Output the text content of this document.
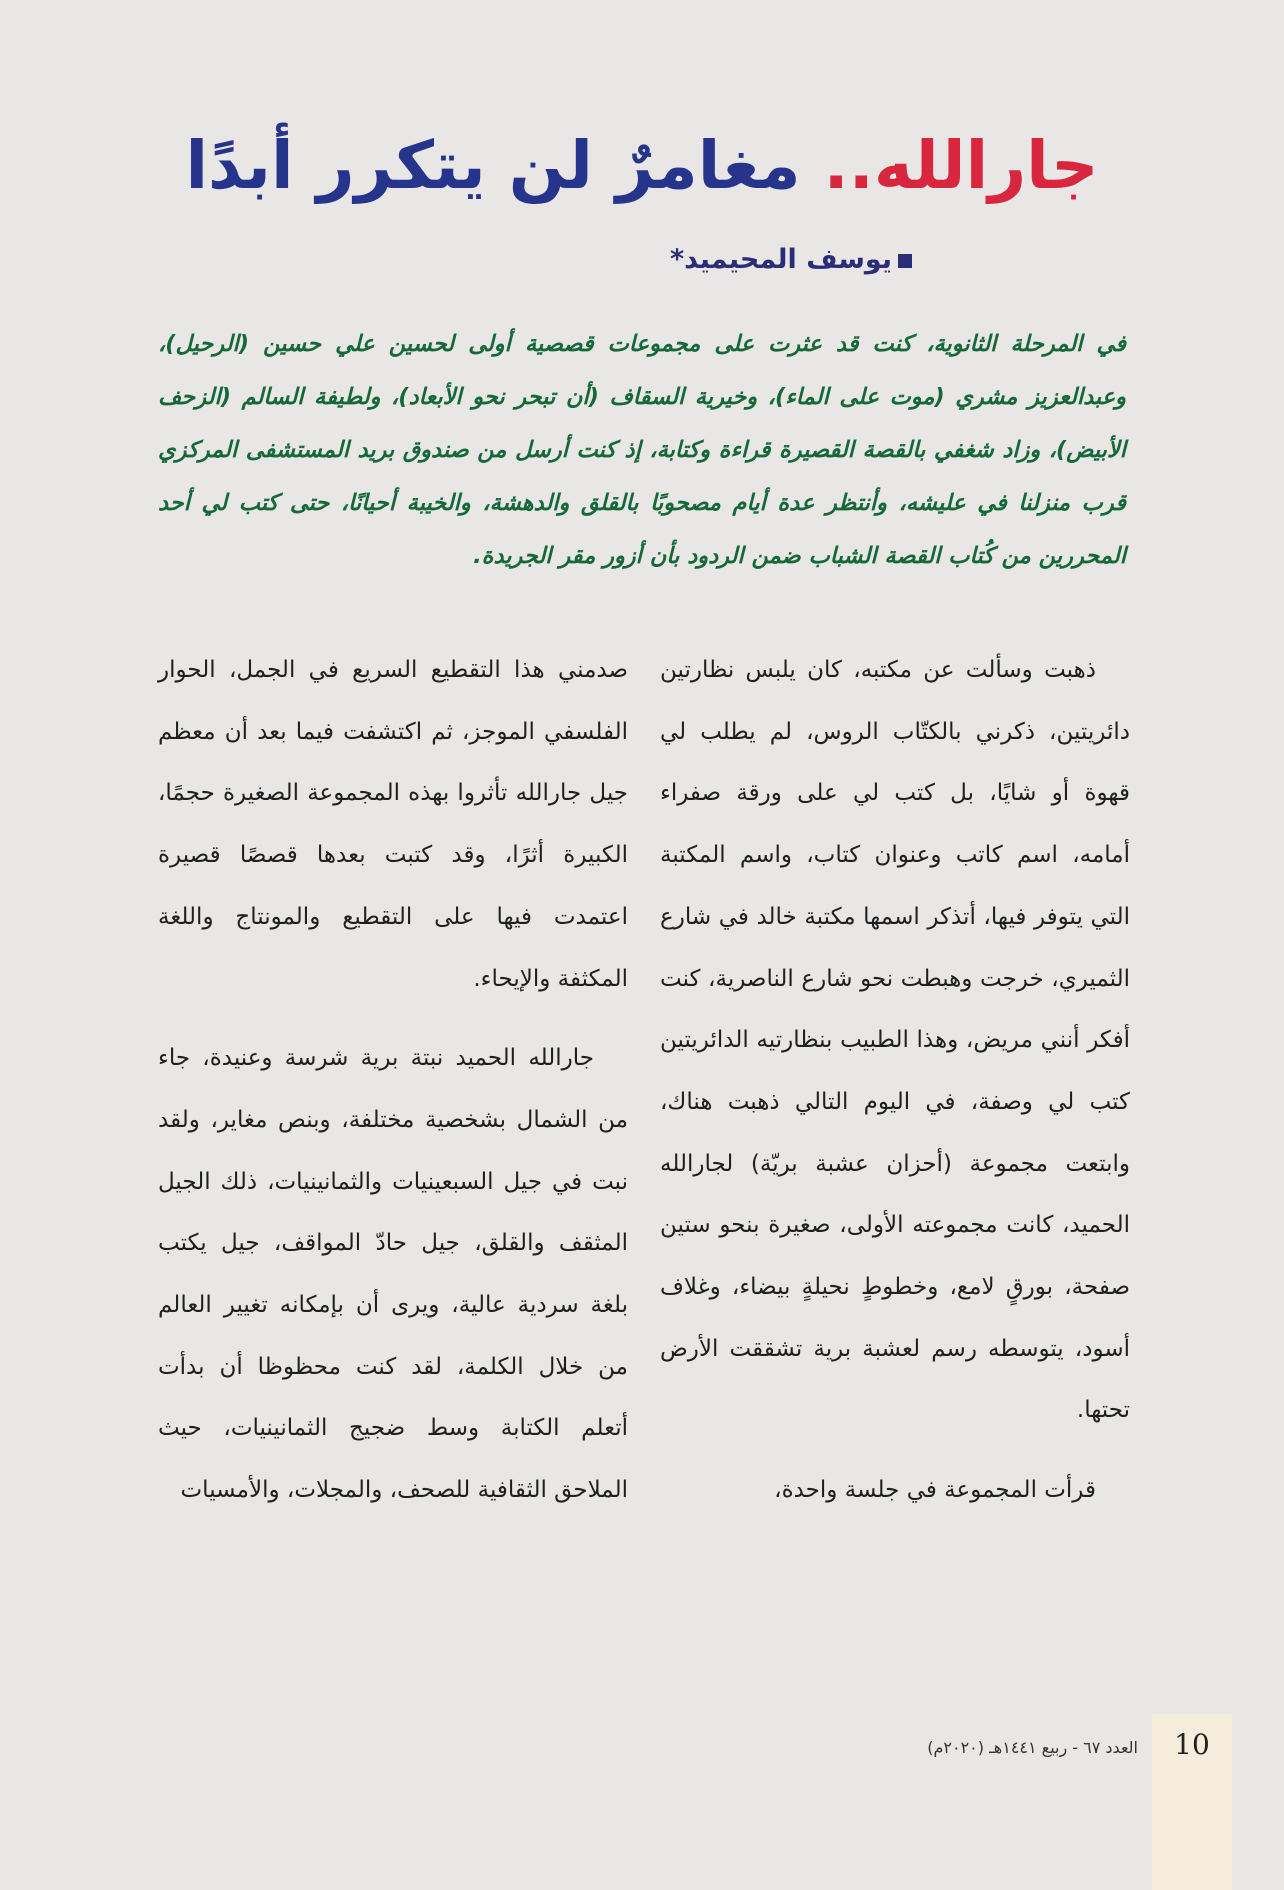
جارالله.. مغامرٌ لن يتكرر أبدًا
يوسف المحيميد*
في المرحلة الثانوية، كنت قد عثرت على مجموعات قصصية أولى لحسين علي حسين (الرحيل)، وعبدالعزيز مشري (موت على الماء)، وخيرية السقاف (أن تبحر نحو الأبعاد)، ولطيفة السالم (الزحف الأبيض)، وزاد شغفي بالقصة القصيرة قراءة وكتابة، إذ كنت أرسل من صندوق بريد المستشفى المركزي قرب منزلنا في عليشه، وأنتظر عدة أيام مصحوبًا بالقلق والدهشة، والخيبة أحيانًا، حتى كتب لي أحد المحررين من كُتاب القصة الشباب ضمن الردود بأن أزور مقر الجريدة.

ذهبت وسألت عن مكتبه، كان يلبس نظارتين دائريتين، ذكرني بالكتّاب الروس، لم يطلب لي قهوة أو شايًا، بل كتب لي على ورقة صفراء أمامه، اسم كاتب وعنوان كتاب، واسم المكتبة التي يتوفر فيها، أتذكر اسمها مكتبة خالد في شارع الثميري، خرجت وهبطت نحو شارع الناصرية، كنت أفكر أنني مريض، وهذا الطبيب بنظارتيه الدائريتين كتب لي وصفة، في اليوم التالي ذهبت هناك، وابتعت مجموعة (أحزان عشبة بريّة) لجارالله الحميد، كانت مجموعته الأولى، صغيرة بنحو ستين صفحة، بورقٍ لامع، وخطوطٍ نحيلةٍ بيضاء، وغلاف أسود، يتوسطه رسم لعشبة برية تشققت الأرض تحتها.

قرأت المجموعة في جلسة واحدة،

صدمني هذا التقطيع السريع في الجمل، الحوار الفلسفي الموجز، ثم اكتشفت فيما بعد أن معظم جيل جارالله تأثروا بهذه المجموعة الصغيرة حجمًا، الكبيرة أثرًا، وقد كتبت بعدها قصصًا قصيرة اعتمدت فيها على التقطيع والمونتاج واللغة المكثفة والإيحاء.

جارالله الحميد نبتة برية شرسة وعنيدة، جاء من الشمال بشخصية مختلفة، وبنص مغاير، ولقد نبت في جيل السبعينيات والثمانينيات، ذلك الجيل المثقف والقلق، جيل حادّ المواقف، جيل يكتب بلغة سردية عالية، ويرى أن بإمكانه تغيير العالم من خلال الكلمة، لقد كنت محظوظا أن بدأت أتعلم الكتابة وسط ضجيج الثمانينيات، حيث الملاحق الثقافية للصحف، والمجلات، والأمسيات

10
العدد ٦٧ - ربيع ١٤٤١هـ (٢٠٢٠م)
